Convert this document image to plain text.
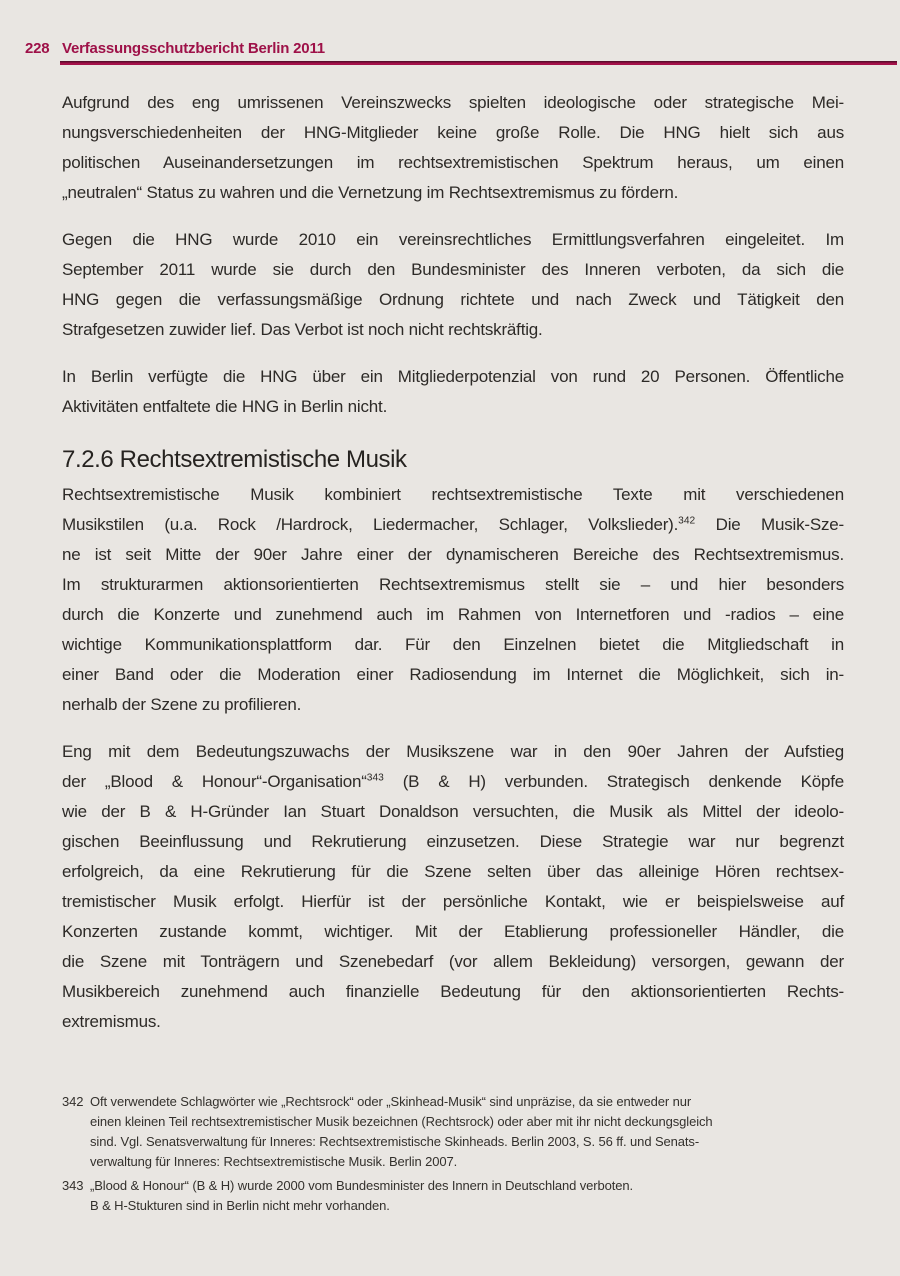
228 Verfassungsschutzbericht Berlin 2011
Aufgrund des eng umrissenen Vereinszwecks spielten ideologische oder strategische Mei-
nungsverschiedenheiten der HNG-Mitglieder keine große Rolle. Die HNG hielt sich aus
politischen Auseinandersetzungen im rechtsextremistischen Spektrum heraus, um einen
„neutralen“ Status zu wahren und die Vernetzung im Rechtsextremismus zu fördern.
Gegen die HNG wurde 2010 ein vereinsrechtliches Ermittlungsverfahren eingeleitet. Im
September 2011 wurde sie durch den Bundesminister des Inneren verboten, da sich die
HNG gegen die verfassungsmäßige Ordnung richtete und nach Zweck und Tätigkeit den
Strafgesetzen zuwider lief. Das Verbot ist noch nicht rechtskräftig.
In Berlin verfügte die HNG über ein Mitgliederpotenzial von rund 20 Personen. Öffentliche
Aktivitäten entfaltete die HNG in Berlin nicht.
7.2.6 Rechtsextremistische Musik
Rechtsextremistische Musik kombiniert rechtsextremistische Texte mit verschiedenen
Musikstilen (u.a. Rock /Hardrock, Liedermacher, Schlager, Volkslieder).$^{342}$ Die Musik-Sze-
ne ist seit Mitte der 90er Jahre einer der dynamischeren Bereiche des Rechtsextremismus.
Im strukturarmen aktionsorientierten Rechtsextremismus stellt sie – und hier besonders
durch die Konzerte und zunehmend auch im Rahmen von Internetforen und -radios – eine
wichtige Kommunikationsplattform dar. Für den Einzelnen bietet die Mitgliedschaft in
einer Band oder die Moderation einer Radiosendung im Internet die Möglichkeit, sich in-
nerhalb der Szene zu profilieren.
Eng mit dem Bedeutungszuwachs der Musikszene war in den 90er Jahren der Aufstieg
der „Blood & Honour“-Organisation“$^{343}$ (B & H) verbunden. Strategisch denkende Köpfe
wie der B & H-Gründer Ian Stuart Donaldson versuchten, die Musik als Mittel der ideolo-
gischen Beeinflussung und Rekrutierung einzusetzen. Diese Strategie war nur begrenzt
erfolgreich, da eine Rekrutierung für die Szene selten über das alleinige Hören rechtsex-
tremistischer Musik erfolgt. Hierfür ist der persönliche Kontakt, wie er beispielsweise auf
Konzerten zustande kommt, wichtiger. Mit der Etablierung professioneller Händler, die
die Szene mit Tonträgern und Szenebedarf (vor allem Bekleidung) versorgen, gewann der
Musikbereich zunehmend auch finanzielle Bedeutung für den aktionsorientierten Rechts-
extremismus.
342 Oft verwendete Schlagwörter wie „Rechtsrock“ oder „Skinhead-Musik“ sind unpräzise, da sie entweder nur
einen kleinen Teil rechtsextremistischer Musik bezeichnen (Rechtsrock) oder aber mit ihr nicht deckungsgleich
sind. Vgl. Senatsverwaltung für Inneres: Rechtsextremistische Skinheads. Berlin 2003, S. 56 ff. und Senats-
verwaltung für Inneres: Rechtsextremistische Musik. Berlin 2007.
343 „Blood & Honour“ (B & H) wurde 2000 vom Bundesminister des Innern in Deutschland verboten.
B & H-Stukturen sind in Berlin nicht mehr vorhanden.
